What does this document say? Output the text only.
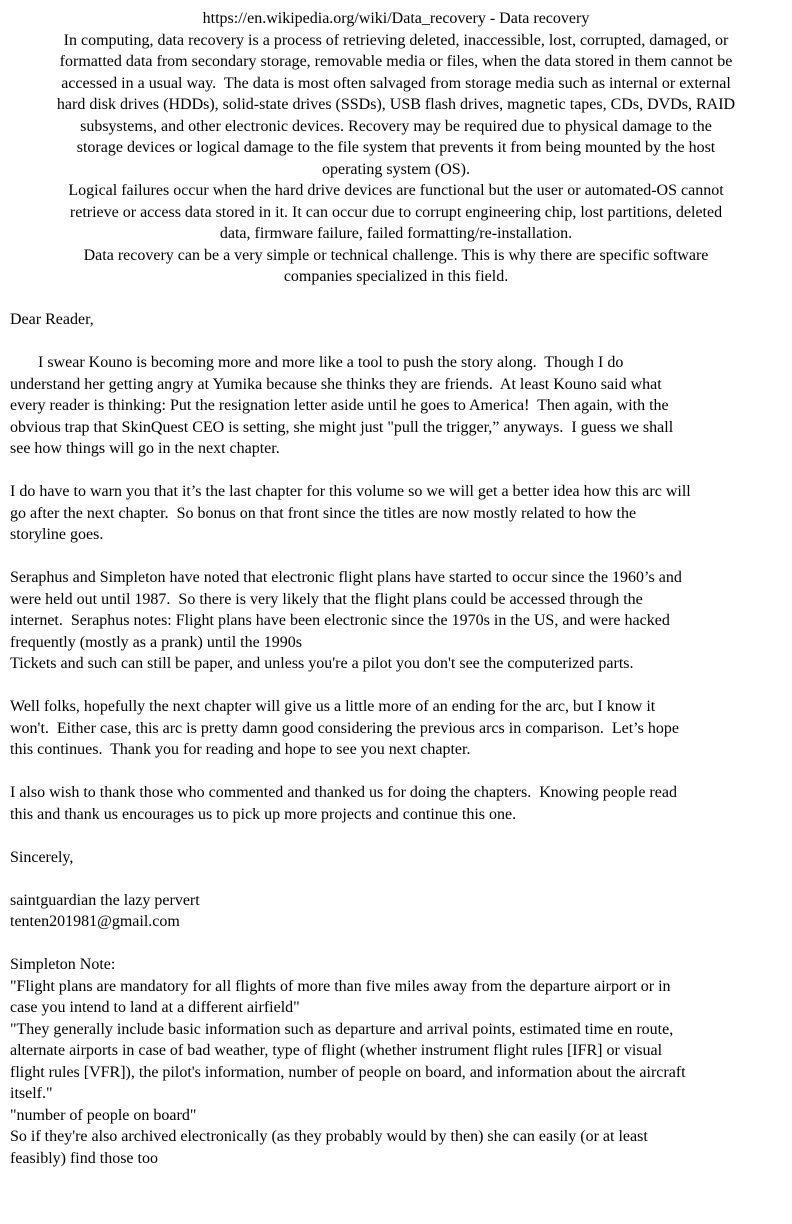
https://en.wikipedia.org/wiki/Data_recovery - Data recovery
In computing, data recovery is a process of retrieving deleted, inaccessible, lost, corrupted, damaged, or
formatted data from secondary storage, removable media or files, when the data stored in them cannot be
accessed in a usual way.  The data is most often salvaged from storage media such as internal or external
hard disk drives (HDDs), solid-state drives (SSDs), USB flash drives, magnetic tapes, CDs, DVDs, RAID
subsystems, and other electronic devices. Recovery may be required due to physical damage to the
storage devices or logical damage to the file system that prevents it from being mounted by the host
operating system (OS).
Logical failures occur when the hard drive devices are functional but the user or automated-OS cannot
retrieve or access data stored in it. It can occur due to corrupt engineering chip, lost partitions, deleted
data, firmware failure, failed formatting/re-installation.
Data recovery can be a very simple or technical challenge. This is why there are specific software
companies specialized in this field.

Dear Reader,

I swear Kouno is becoming more and more like a tool to push the story along.  Though I do
understand her getting angry at Yumika because she thinks they are friends.  At least Kouno said what
every reader is thinking: Put the resignation letter aside until he goes to America!  Then again, with the
obvious trap that SkinQuest CEO is setting, she might just "pull the trigger,” anyways.  I guess we shall
see how things will go in the next chapter.

I do have to warn you that it’s the last chapter for this volume so we will get a better idea how this arc will
go after the next chapter.  So bonus on that front since the titles are now mostly related to how the
storyline goes.

Seraphus and Simpleton have noted that electronic flight plans have started to occur since the 1960’s and
were held out until 1987.  So there is very likely that the flight plans could be accessed through the
internet.  Seraphus notes: Flight plans have been electronic since the 1970s in the US, and were hacked
frequently (mostly as a prank) until the 1990s
Tickets and such can still be paper, and unless you're a pilot you don't see the computerized parts.

Well folks, hopefully the next chapter will give us a little more of an ending for the arc, but I know it
won't.  Either case, this arc is pretty damn good considering the previous arcs in comparison.  Let’s hope
this continues.  Thank you for reading and hope to see you next chapter.

I also wish to thank those who commented and thanked us for doing the chapters.  Knowing people read
this and thank us encourages us to pick up more projects and continue this one.

Sincerely,

saintguardian the lazy pervert
tenten201981@gmail.com

Simpleton Note:
"Flight plans are mandatory for all flights of more than five miles away from the departure airport or in
case you intend to land at a different airfield"
"They generally include basic information such as departure and arrival points, estimated time en route,
alternate airports in case of bad weather, type of flight (whether instrument flight rules [IFR] or visual
flight rules [VFR]), the pilot's information, number of people on board, and information about the aircraft
itself."
"number of people on board"
So if they're also archived electronically (as they probably would by then) she can easily (or at least
feasibly) find those too
